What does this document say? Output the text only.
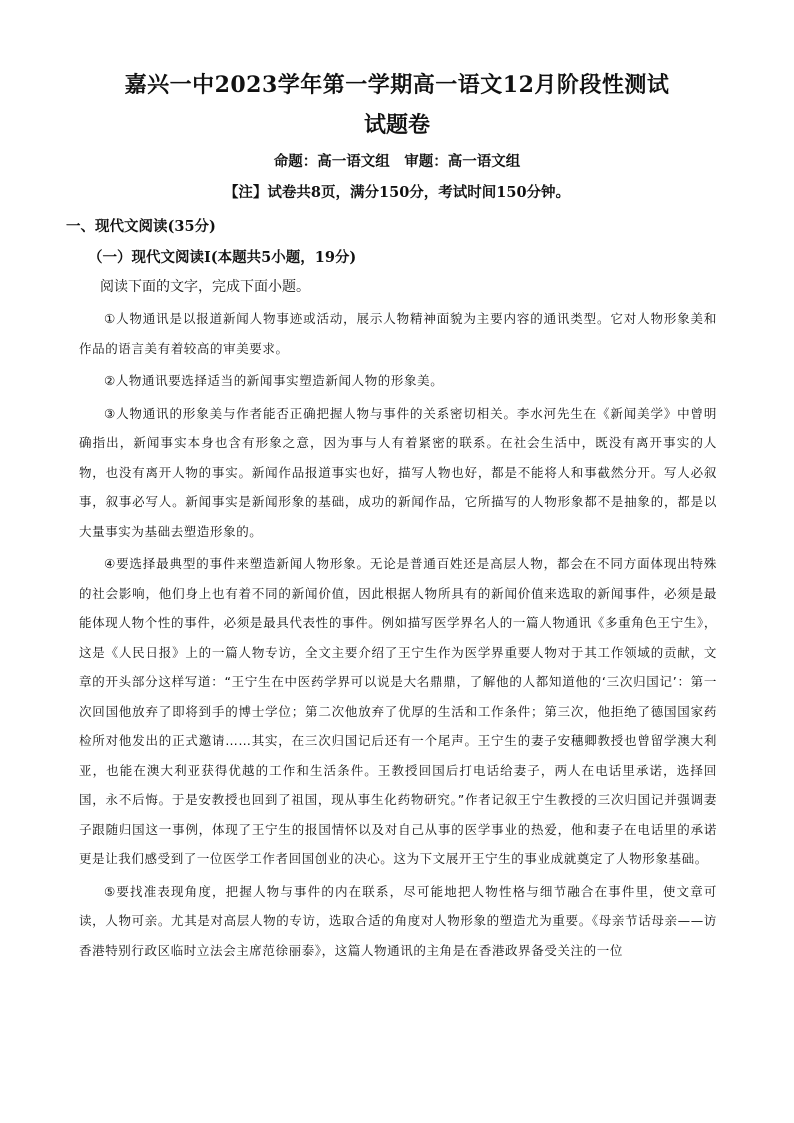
嘉兴一中2023学年第一学期高一语文12月阶段性测试
试题卷
命题：高一语文组　审题：高一语文组
【注】试卷共8页，满分150分，考试时间150分钟。
一、现代文阅读(35分)
（一）现代文阅读Ⅰ(本题共5小题，19分)
阅读下面的文字，完成下面小题。

①人物通讯是以报道新闻人物事迹或活动，展示人物精神面貌为主要内容的通讯类型。它对人物形象美和作品的语言美有着较高的审美要求。

②人物通讯要选择适当的新闻事实塑造新闻人物的形象美。

③人物通讯的形象美与作者能否正确把握人物与事件的关系密切相关。李水河先生在《新闻美学》中曾明确指出，新闻事实本身也含有形象之意，因为事与人有着紧密的联系。在社会生活中，既没有离开事实的人物，也没有离开人物的事实。新闻作品报道事实也好，描写人物也好，都是不能将人和事截然分开。写人必叙事，叙事必写人。新闻事实是新闻形象的基础，成功的新闻作品，它所描写的人物形象都不是抽象的，都是以大量事实为基础去塑造形象的。

④要选择最典型的事件来塑造新闻人物形象。无论是普通百姓还是高层人物，都会在不同方面体现出特殊的社会影响，他们身上也有着不同的新闻价值，因此根据人物所具有的新闻价值来选取的新闻事件，必须是最能体现人物个性的事件，必须是最具代表性的事件。例如描写医学界名人的一篇人物通讯《多重角色王宁生》，这是《人民日报》上的一篇人物专访，全文主要介绍了王宁生作为医学界重要人物对于其工作领域的贡献，文章的开头部分这样写道：“王宁生在中医药学界可以说是大名鼎鼎，了解他的人都知道他的‘三次归国记’：第一次回国他放弃了即将到手的博士学位；第二次他放弃了优厚的生活和工作条件；第三次，他拒绝了德国国家药检所对他发出的正式邀请……其实，在三次归国记后还有一个尾声。王宁生的妻子安穗卿教授也曾留学澳大利亚，也能在澳大利亚获得优越的工作和生活条件。王教授回国后打电话给妻子，两人在电话里承诺，选择回国，永不后悔。于是安教授也回到了祖国，现从事生化药物研究。”作者记叙王宁生教授的三次归国记并强调妻子跟随归国这一事例，体现了王宁生的报国情怀以及对自己从事的医学事业的热爱，他和妻子在电话里的承诺更是让我们感受到了一位医学工作者回国创业的决心。这为下文展开王宁生的事业成就奠定了人物形象基础。

⑤要找准表现角度，把握人物与事件的内在联系，尽可能地把人物性格与细节融合在事件里，使文章可读，人物可亲。尤其是对高层人物的专访，选取合适的角度对人物形象的塑造尤为重要。《母亲节话母亲——访香港特别行政区临时立法会主席范徐丽泰》，这篇人物通讯的主角是在香港政界备受关注的一位
